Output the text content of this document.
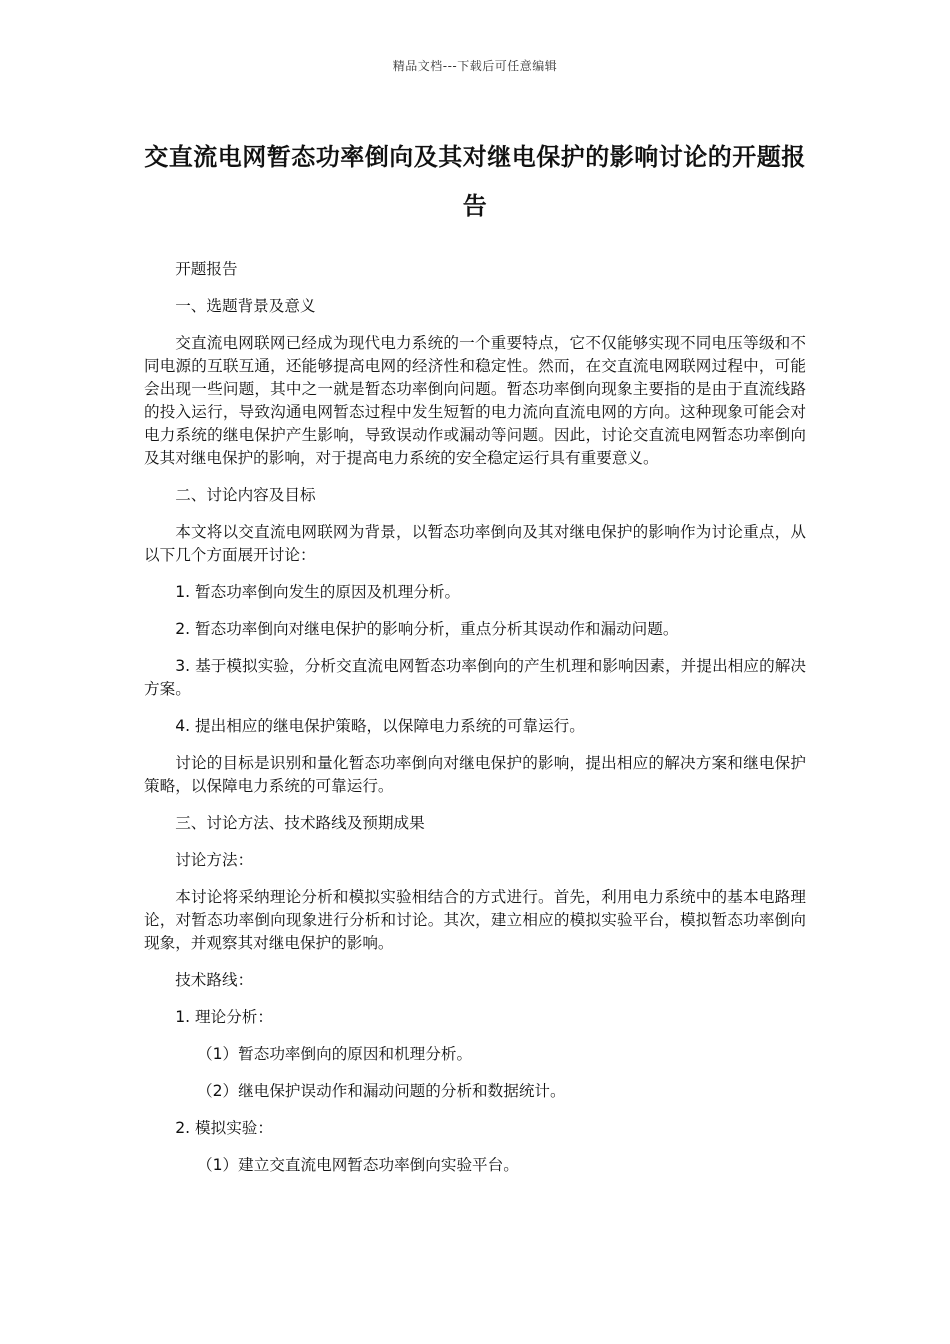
精品文档---下载后可任意编辑
交直流电网暂态功率倒向及其对继电保护的影响讨论的开题报告

开题报告

一、选题背景及意义

交直流电网联网已经成为现代电力系统的一个重要特点，它不仅能够实现不同电压等级和不同电源的互联互通，还能够提高电网的经济性和稳定性。然而，在交直流电网联网过程中，可能会出现一些问题，其中之一就是暂态功率倒向问题。暂态功率倒向现象主要指的是由于直流线路的投入运行，导致沟通电网暂态过程中发生短暂的电力流向直流电网的方向。这种现象可能会对电力系统的继电保护产生影响，导致误动作或漏动等问题。因此，讨论交直流电网暂态功率倒向及其对继电保护的影响，对于提高电力系统的安全稳定运行具有重要意义。

二、讨论内容及目标

本文将以交直流电网联网为背景，以暂态功率倒向及其对继电保护的影响作为讨论重点，从以下几个方面展开讨论：

1. 暂态功率倒向发生的原因及机理分析。

2. 暂态功率倒向对继电保护的影响分析，重点分析其误动作和漏动问题。

3. 基于模拟实验，分析交直流电网暂态功率倒向的产生机理和影响因素，并提出相应的解决方案。

4. 提出相应的继电保护策略，以保障电力系统的可靠运行。

讨论的目标是识别和量化暂态功率倒向对继电保护的影响，提出相应的解决方案和继电保护策略，以保障电力系统的可靠运行。

三、讨论方法、技术路线及预期成果

讨论方法：

本讨论将采纳理论分析和模拟实验相结合的方式进行。首先，利用电力系统中的基本电路理论，对暂态功率倒向现象进行分析和讨论。其次，建立相应的模拟实验平台，模拟暂态功率倒向现象，并观察其对继电保护的影响。

技术路线：

1. 理论分析：

（1）暂态功率倒向的原因和机理分析。

（2）继电保护误动作和漏动问题的分析和数据统计。

2. 模拟实验：

（1）建立交直流电网暂态功率倒向实验平台。
